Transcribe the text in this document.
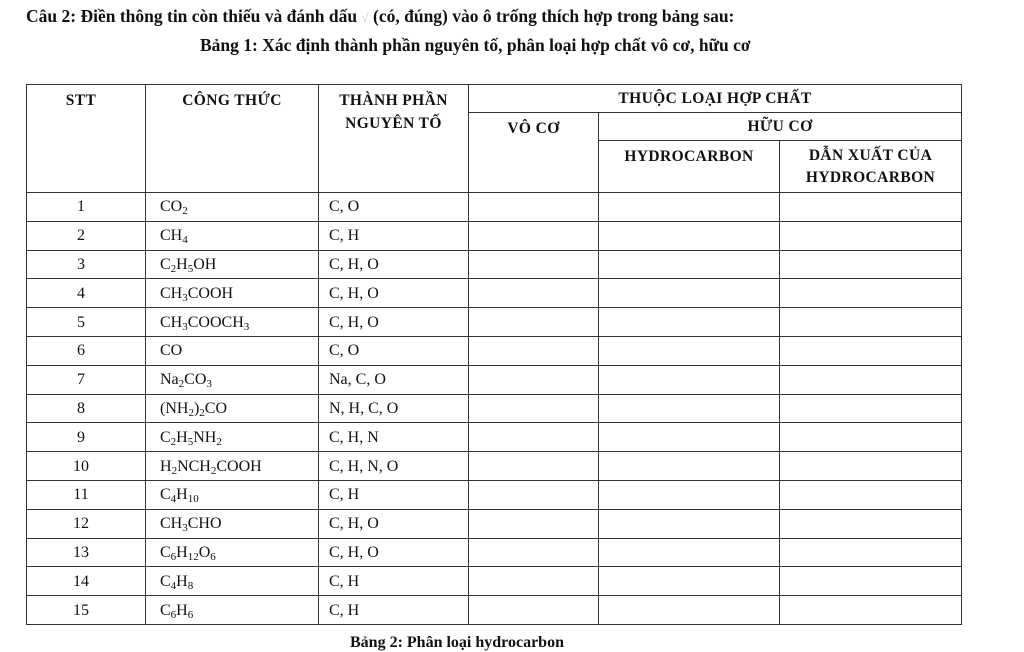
Câu 2: Điền thông tin còn thiếu và đánh dấu √ (có, đúng) vào ô trống thích hợp trong bảng sau:
Bảng 1: Xác định thành phần nguyên tố, phân loại hợp chất vô cơ, hữu cơ
STT	CÔNG THỨC	THÀNH PHẦN
NGUYÊN TỐ	THUỘC LOẠI HỢP CHẤT		

			VÔ CƠ	HỮU CƠ	

				HYDROCARBON	DẪN XUẤT CỦA
HYDROCARBON

1	$CO_2$	C, O			
2	$CH_4$	C, H			
3	$C_2H_5OH$	C, H, O			
4	$CH_3COOH$	C, H, O			
5	$CH_3COOCH_3$	C, H, O			
6	CO	C, O			
7	$Na_2CO_3$	Na, C, O			
8	$(NH_2)_2CO$	N, H, C, O			
9	$C_2H_5NH_2$	C, H, N			
10	$H_2NCH_2COOH$	C, H, N, O			
11	$C_4H_{10}$	C, H			
12	$CH_3CHO$	C, H, O			
13	$C_6H_{12}O_6$	C, H, O			
14	$C_4H_8$	C, H			
15	$C_6H_6$	C, H			
Bảng 2: Phân loại hydrocarbon
